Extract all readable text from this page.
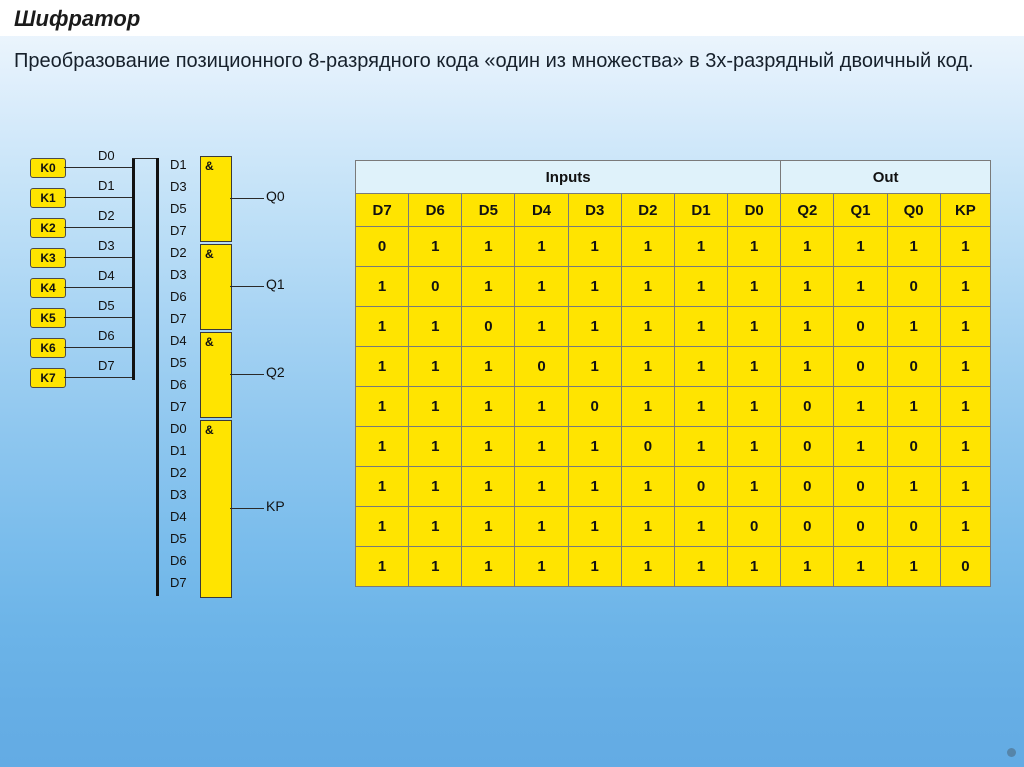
Шифратор
Преобразование позиционного 8-разрядного кода «один из множества» в 3х-разрядный двоичный код.
K0
K1
K2
K3
K4
K5
K6
K7
D0
D1
D2
D3
D4
D5
D6
D7
D1
D3
D5
D7
&
Q0
D2
D3
D6
D7
&
Q1
D4
D5
D6
D7
&
Q2
D0
D1
D2
D3
D4
D5
D6
D7
&
KP
Inputs								Out			
D7	D6	D5	D4	D3	D2	D1	D0	Q2	Q1	Q0	KP
0	1	1	1	1	1	1	1	1	1	1	1
1	0	1	1	1	1	1	1	1	1	0	1
1	1	0	1	1	1	1	1	1	0	1	1
1	1	1	0	1	1	1	1	1	0	0	1
1	1	1	1	0	1	1	1	0	1	1	1
1	1	1	1	1	0	1	1	0	1	0	1
1	1	1	1	1	1	0	1	0	0	1	1
1	1	1	1	1	1	1	0	0	0	0	1
1	1	1	1	1	1	1	1	1	1	1	0
